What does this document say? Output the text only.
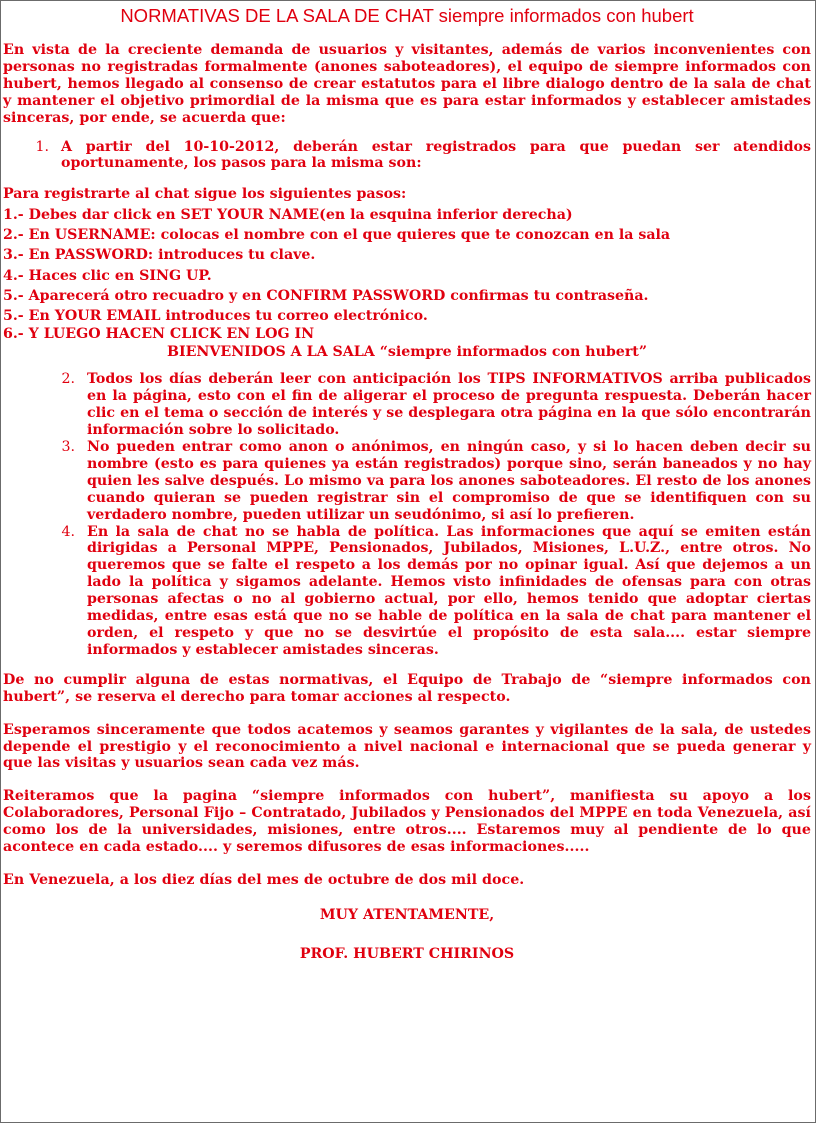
NORMATIVAS DE LA SALA DE CHAT siempre informados con hubert

En vista de la creciente demanda de usuarios y visitantes, además de varios inconvenientes con personas no registradas formalmente (anones saboteadores), el equipo de siempre informados con hubert, hemos llegado al consenso de crear estatutos para el libre dialogo dentro de la sala de chat y mantener el objetivo primordial de la misma que es para estar informados y establecer amistades sinceras, por ende, se acuerda que:

1. A partir del 10-10-2012, deberán estar registrados para que puedan ser atendidos oportunamente, los pasos para la misma son:
Para registrarte al chat sigue los siguientes pasos:
1.- Debes dar click en SET YOUR NAME(en la esquina inferior derecha)
2.- En USERNAME: colocas el nombre con el que quieres que te conozcan en la sala
3.- En PASSWORD: introduces tu clave.
4.- Haces clic en SING UP.
5.- Aparecerá otro recuadro y en CONFIRM PASSWORD confirmas tu contraseña.
5.- En YOUR EMAIL introduces tu correo electrónico.
6.- Y LUEGO HACEN CLICK EN LOG IN
BIENVENIDOS A LA SALA “siempre informados con hubert”
2. Todos los días deberán leer con anticipación los TIPS INFORMATIVOS arriba publicados en la página, esto con el fin de aligerar el proceso de pregunta respuesta. Deberán hacer clic en el tema o sección de interés y se desplegara otra página en la que sólo encontrarán información sobre lo solicitado.
3. No pueden entrar como anon o anónimos, en ningún caso, y si lo hacen deben decir su nombre (esto es para quienes ya están registrados) porque sino, serán baneados y no hay quien les salve después. Lo mismo va para los anones saboteadores. El resto de los anones cuando quieran se pueden registrar sin el compromiso de que se identifiquen con su verdadero nombre, pueden utilizar un seudónimo, si así lo prefieren.
4. En la sala de chat no se habla de política. Las informaciones que aquí se emiten están dirigidas a Personal MPPE, Pensionados, Jubilados, Misiones, L.U.Z., entre otros. No queremos que se falte el respeto a los demás por no opinar igual. Así que dejemos a un lado la política y sigamos adelante. Hemos visto infinidades de ofensas para con otras personas afectas o no al gobierno actual, por ello, hemos tenido que adoptar ciertas medidas, entre esas está que no se hable de política en la sala de chat para mantener el orden, el respeto y que no se desvirtúe el propósito de esta sala.... estar siempre informados y establecer amistades sinceras.

De no cumplir alguna de estas normativas, el Equipo de Trabajo de “siempre informados con hubert”, se reserva el derecho para tomar acciones al respecto.

Esperamos sinceramente que todos acatemos y seamos garantes y vigilantes de la sala, de ustedes depende el prestigio y el reconocimiento a nivel nacional e internacional que se pueda generar y que las visitas y usuarios sean cada vez más.

Reiteramos que la pagina “siempre informados con hubert”, manifiesta su apoyo a los Colaboradores, Personal Fijo – Contratado, Jubilados y Pensionados del MPPE en toda Venezuela, así como los de la universidades, misiones, entre otros.... Estaremos muy al pendiente de lo que acontece en cada estado.... y seremos difusores de esas informaciones.....

En Venezuela, a los diez días del mes de octubre de dos mil doce.

MUY ATENTAMENTE,
PROF. HUBERT CHIRINOS
